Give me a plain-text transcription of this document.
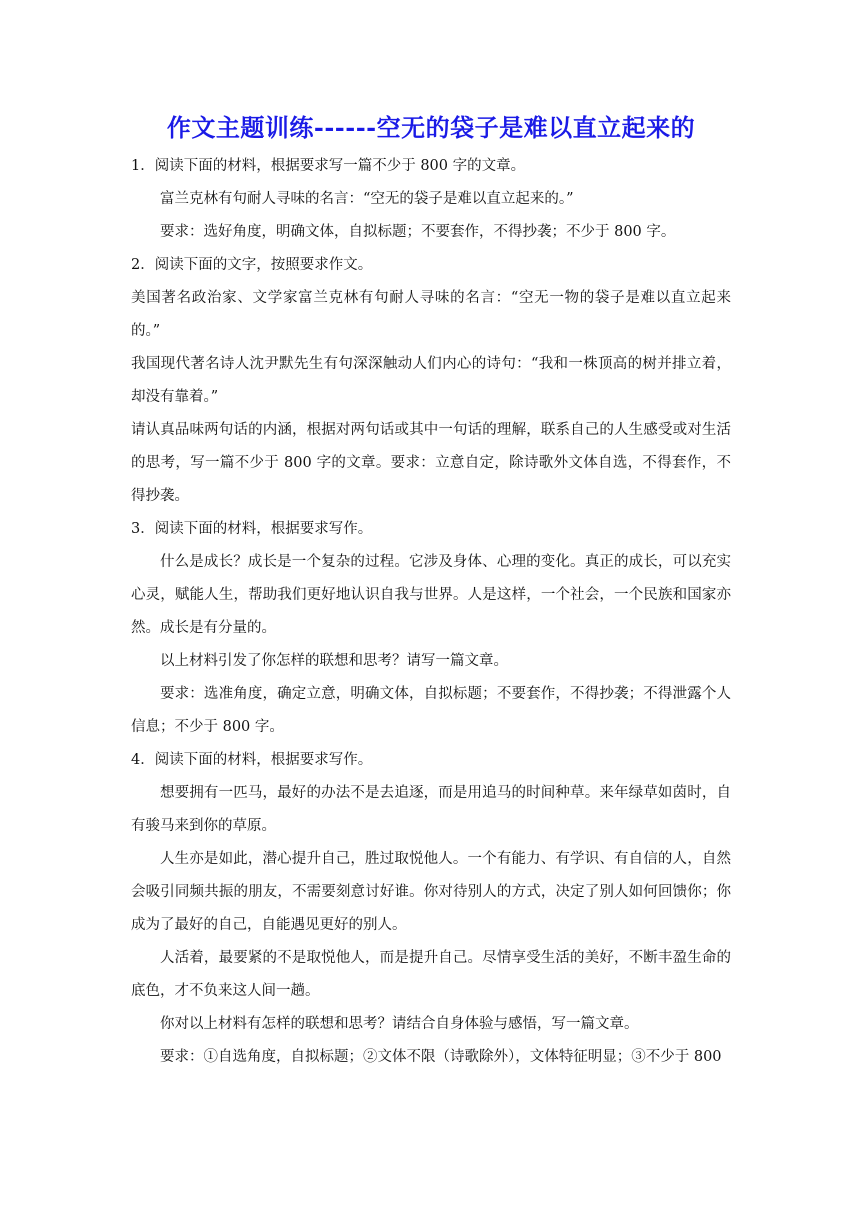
作文主题训练------空无的袋子是难以直立起来的

1．阅读下面的材料，根据要求写一篇不少于 800 字的文章。

富兰克林有句耐人寻味的名言：“空无的袋子是难以直立起来的。”

要求：选好角度，明确文体，自拟标题；不要套作，不得抄袭；不少于 800 字。

2．阅读下面的文字，按照要求作文。

美国著名政治家、文学家富兰克林有句耐人寻味的名言：“空无一物的袋子是难以直立起来的。”

我国现代著名诗人沈尹默先生有句深深触动人们内心的诗句：“我和一株顶高的树并排立着，却没有靠着。”

请认真品味两句话的内涵，根据对两句话或其中一句话的理解，联系自己的人生感受或对生活的思考，写一篇不少于 800 字的文章。要求：立意自定，除诗歌外文体自选，不得套作，不得抄袭。

3．阅读下面的材料，根据要求写作。

什么是成长？成长是一个复杂的过程。它涉及身体、心理的变化。真正的成长，可以充实心灵，赋能人生，帮助我们更好地认识自我与世界。人是这样，一个社会，一个民族和国家亦然。成长是有分量的。

以上材料引发了你怎样的联想和思考？请写一篇文章。

要求：选准角度，确定立意，明确文体，自拟标题；不要套作，不得抄袭；不得泄露个人信息；不少于 800 字。

4．阅读下面的材料，根据要求写作。

想要拥有一匹马，最好的办法不是去追逐，而是用追马的时间种草。来年绿草如茵时，自有骏马来到你的草原。

人生亦是如此，潜心提升自己，胜过取悦他人。一个有能力、有学识、有自信的人，自然会吸引同频共振的朋友，不需要刻意讨好谁。你对待别人的方式，决定了别人如何回馈你；你成为了最好的自己，自能遇见更好的别人。

人活着，最要紧的不是取悦他人，而是提升自己。尽情享受生活的美好，不断丰盈生命的底色，才不负来这人间一趟。

你对以上材料有怎样的联想和思考？请结合自身体验与感悟，写一篇文章。

要求：①自选角度，自拟标题；②文体不限（诗歌除外），文体特征明显；③不少于 800
